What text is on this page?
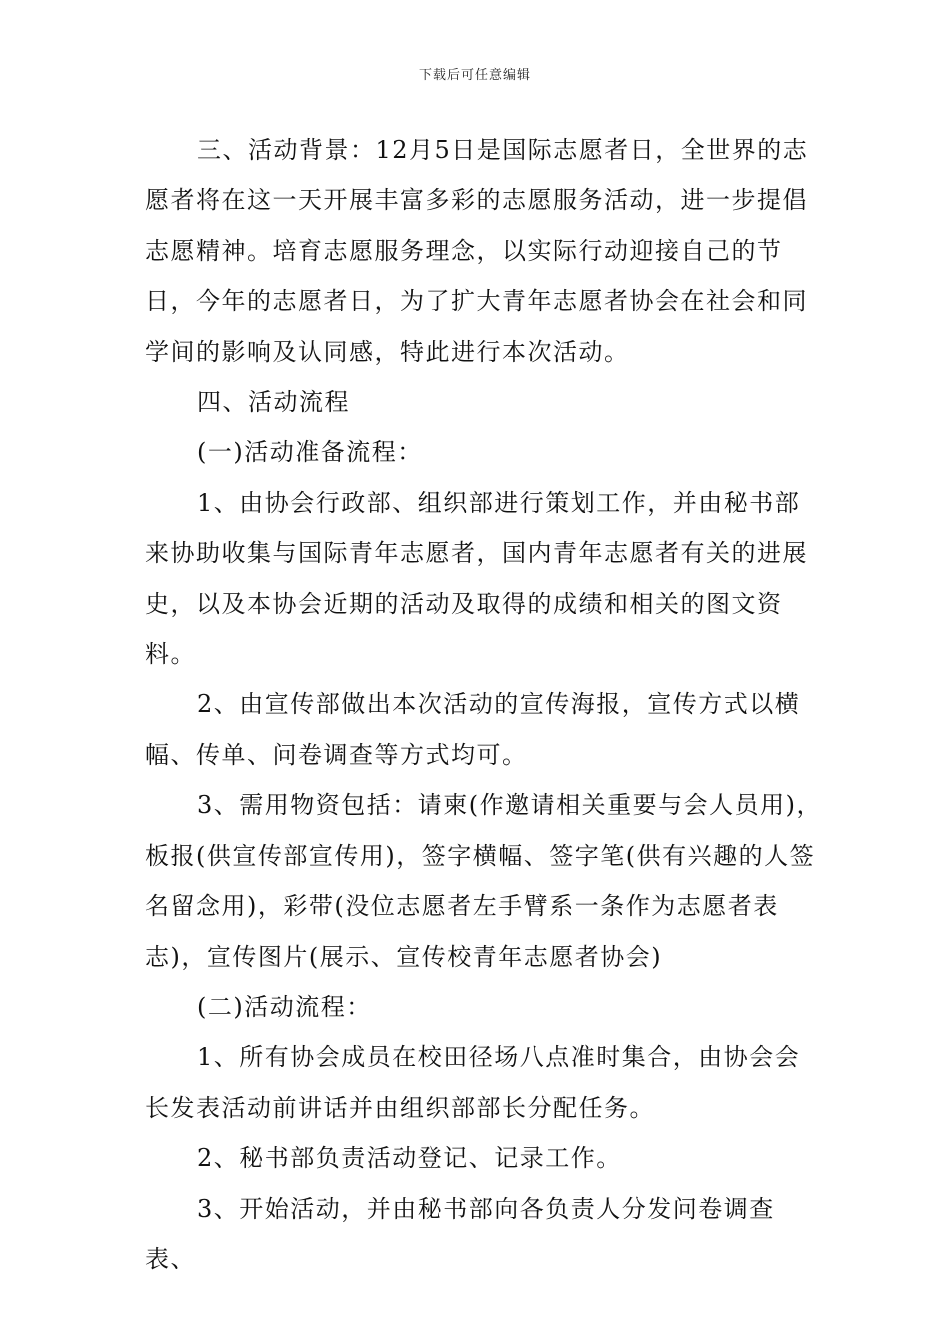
下载后可任意编辑

三、活动背景：12月5日是国际志愿者日，全世界的志愿者将在这一天开展丰富多彩的志愿服务活动，进一步提倡志愿精神。培育志愿服务理念，以实际行动迎接自己的节日，今年的志愿者日，为了扩大青年志愿者协会在社会和同学间的影响及认同感，特此进行本次活动。

四、活动流程

(一)活动准备流程：

1、由协会行政部、组织部进行策划工作，并由秘书部来协助收集与国际青年志愿者，国内青年志愿者有关的进展史，以及本协会近期的活动及取得的成绩和相关的图文资料。

2、由宣传部做出本次活动的宣传海报，宣传方式以横幅、传单、问卷调查等方式均可。

3、需用物资包括：请柬(作邀请相关重要与会人员用)，板报(供宣传部宣传用)，签字横幅、签字笔(供有兴趣的人签名留念用)，彩带(没位志愿者左手臂系一条作为志愿者表志)，宣传图片(展示、宣传校青年志愿者协会)

(二)活动流程：

1、所有协会成员在校田径场八点准时集合，由协会会长发表活动前讲话并由组织部部长分配任务。

2、秘书部负责活动登记、记录工作。

3、开始活动，并由秘书部向各负责人分发问卷调查表、
